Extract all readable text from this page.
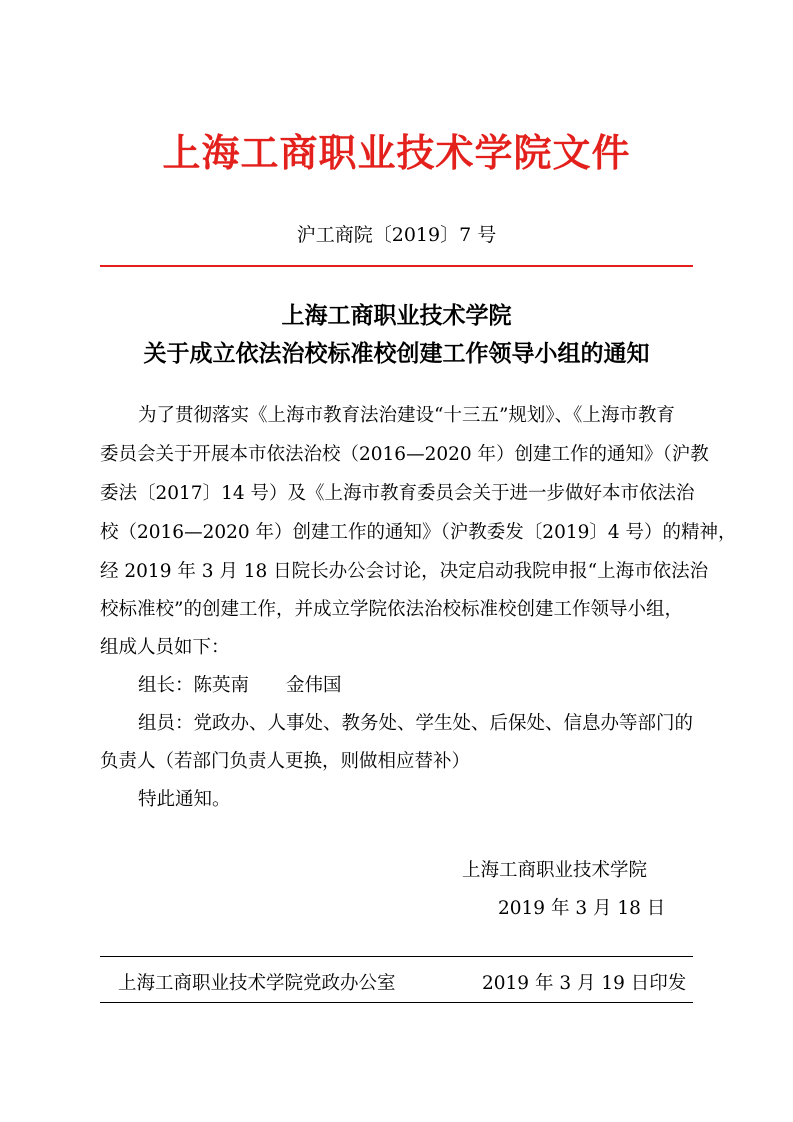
上海工商职业技术学院文件
沪工商院〔2019〕7 号
上海工商职业技术学院
关于成立依法治校标准校创建工作领导小组的通知
为了贯彻落实《上海市教育法治建设“十三五”规划》、《上海市教育
委员会关于开展本市依法治校（2016—2020 年）创建工作的通知》（沪教
委法〔2017〕14 号）及《上海市教育委员会关于进一步做好本市依法治
校（2016—2020 年）创建工作的通知》（沪教委发〔2019〕4 号）的精神，
经 2019 年 3 月 18 日院长办公会讨论，决定启动我院申报“上海市依法治
校标准校”的创建工作，并成立学院依法治校标准校创建工作领导小组，
组成人员如下：
组长：陈英南　　金伟国
组员：党政办、人事处、教务处、学生处、后保处、信息办等部门的
负责人（若部门负责人更换，则做相应替补）
特此通知。
上海工商职业技术学院
2019 年 3 月 18 日
上海工商职业技术学院党政办公室	2019 年 3 月 19 日印发
